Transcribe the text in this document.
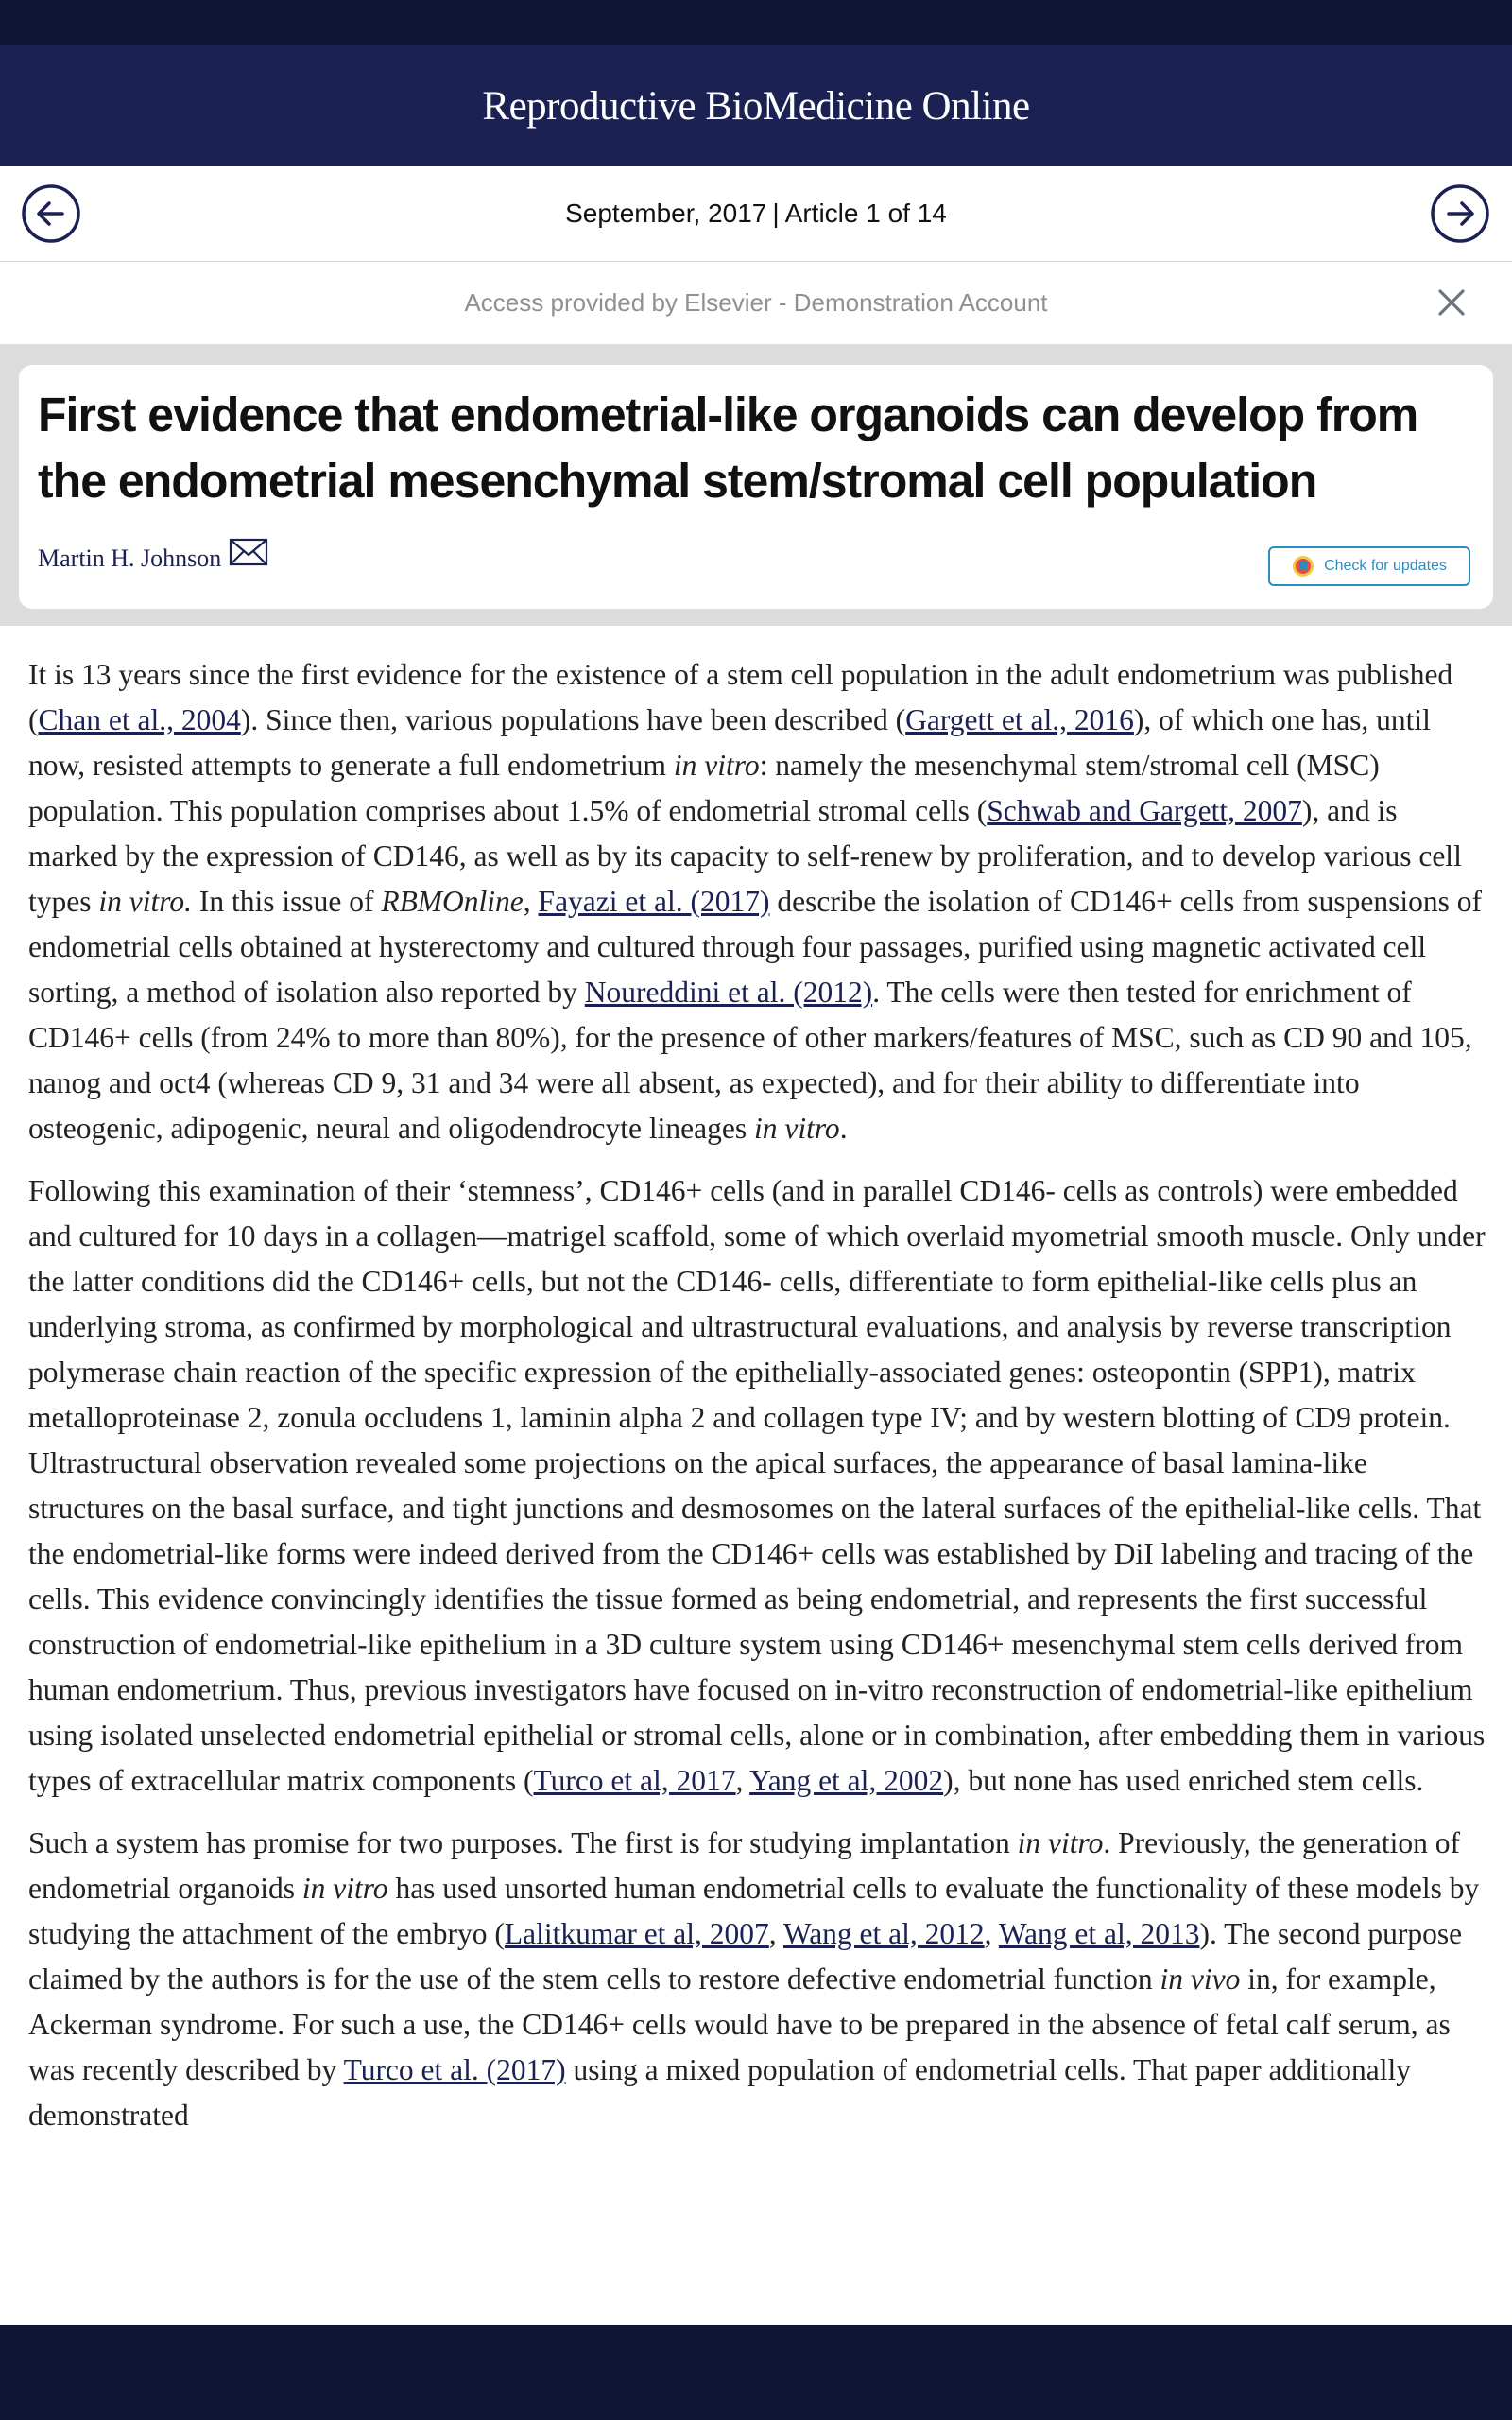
Reproductive BioMedicine Online
September, 2017 | Article 1 of 14
Access provided by Elsevier - Demonstration Account
First evidence that endometrial-like organoids can develop from the endometrial mesenchymal stem/stromal cell population
Martin H. Johnson	Check for updates

It is 13 years since the first evidence for the existence of a stem cell population in the adult endometrium was published (Chan et al., 2004). Since then, various populations have been described (Gargett et al., 2016), of which one has, until now, resisted attempts to generate a full endometrium in vitro: namely the mesenchymal stem/stromal cell (MSC) population. This population comprises about 1.5% of endometrial stromal cells (Schwab and Gargett, 2007), and is marked by the expression of CD146, as well as by its capacity to self-renew by proliferation, and to develop various cell types in vitro. In this issue of RBMOnline, Fayazi et al. (2017) describe the isolation of CD146+ cells from suspensions of endometrial cells obtained at hysterectomy and cultured through four passages, purified using magnetic activated cell sorting, a method of isolation also reported by Noureddini et al. (2012). The cells were then tested for enrichment of CD146+ cells (from 24% to more than 80%), for the presence of other markers/features of MSC, such as CD 90 and 105, nanog and oct4 (whereas CD 9, 31 and 34 were all absent, as expected), and for their ability to differentiate into osteogenic, adipogenic, neural and oligodendrocyte lineages in vitro.

Following this examination of their ‘stemness’, CD146+ cells (and in parallel CD146- cells as controls) were embedded and cultured for 10 days in a collagen—matrigel scaffold, some of which overlaid myometrial smooth muscle. Only under the latter conditions did the CD146+ cells, but not the CD146- cells, differentiate to form epithelial-like cells plus an underlying stroma, as confirmed by morphological and ultrastructural evaluations, and analysis by reverse transcription polymerase chain reaction of the specific expression of the epithelially-associated genes: osteopontin (SPP1), matrix metalloproteinase 2, zonula occludens 1, laminin alpha 2 and collagen type IV; and by western blotting of CD9 protein. Ultrastructural observation revealed some projections on the apical surfaces, the appearance of basal lamina-like structures on the basal surface, and tight junctions and desmosomes on the lateral surfaces of the epithelial-like cells. That the endometrial-like forms were indeed derived from the CD146+ cells was established by DiI labeling and tracing of the cells. This evidence convincingly identifies the tissue formed as being endometrial, and represents the first successful construction of endometrial-like epithelium in a 3D culture system using CD146+ mesenchymal stem cells derived from human endometrium. Thus, previous investigators have focused on in-vitro reconstruction of endometrial-like epithelium using isolated unselected endometrial epithelial or stromal cells, alone or in combination, after embedding them in various types of extracellular matrix components (Turco et al, 2017, Yang et al, 2002), but none has used enriched stem cells.

Such a system has promise for two purposes. The first is for studying implantation in vitro. Previously, the generation of endometrial organoids in vitro has used unsorted human endometrial cells to evaluate the functionality of these models by studying the attachment of the embryo (Lalitkumar et al, 2007, Wang et al, 2012, Wang et al, 2013). The second purpose claimed by the authors is for the use of the stem cells to restore defective endometrial function in vivo in, for example, Ackerman syndrome. For such a use, the CD146+ cells would have to be prepared in the absence of fetal calf serum, as was recently described by Turco et al. (2017) using a mixed population of endometrial cells. That paper additionally demonstrated
